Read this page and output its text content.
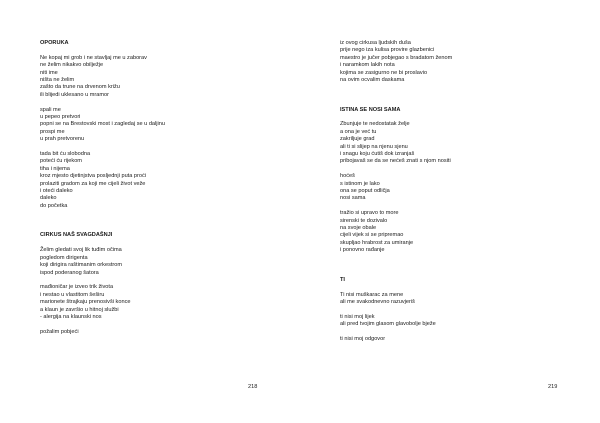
OPORUKA
Ne kopaj mi grob i ne stavljaj me u zaborav
ne želim nikakvo obilježje
niti ime
ništa ne želim
zašto da trune na drvenom križu
ili blijedi uklesano u mramor
spali me
u pepeo pretvori
popni se na Brestovski most i zagledaj se u daljinu
prospi me
u prah pretvorenu
tada bit ću slobodna
poteći ću rijekom
tiha i nijema
kroz mjesto djetinjstva posljednji puta proći
prolaziti gradom za koji me cijeli život veže
i oteći daleko
daleko
do početka
CIRKUS NAŠ SVAGDAŠNJI
Želim gledati svoj lik tuđim očima
pogledom dirigenta
koji dirigira raštimanim orkestrom
ispod poderanog šatora
mađioničar je izveo trik života
i nestao u vlastitom šeširu
marionete štrajkaju prenosivši konce
a klaun je završio u hitnoj službi
- alergija na klaunski nos
požalim pobjeći
218
iz ovog cirkusa ljudskih duša
prije nego iza kulisa provire glazbenici
maestro je jučer pobjegao s bradatom ženom
i naramkom lakih nota
kojima se zasigurno ne bi proslavio
na ovim ocvalim daskama
ISTINA SE NOSI SAMA
Zbunjuje te nedostatak želje
a ona je već tu
zakriljuje grad
ali ti si slijep na njenu sjenu
i snagu koju ćutiš dok izranjaš
pribojavaš se da se nećeš znati s njom nositi
hoćeš
s istinom je lako
ona se poput odličja
nosi sama
tražio si upravo to more
sirenski te dozivalo
na svoje obale
cijeli vijek si se pripremao
skupljao hrabrost za umiranje
i ponovno rađanje
TI
Ti nisi muškarac za mene
ali me svakodnevno razuvjeriš
ti nisi moj lijek
ali pred tvojim glasom glavobolje bježe
ti nisi moj odgovor
219
